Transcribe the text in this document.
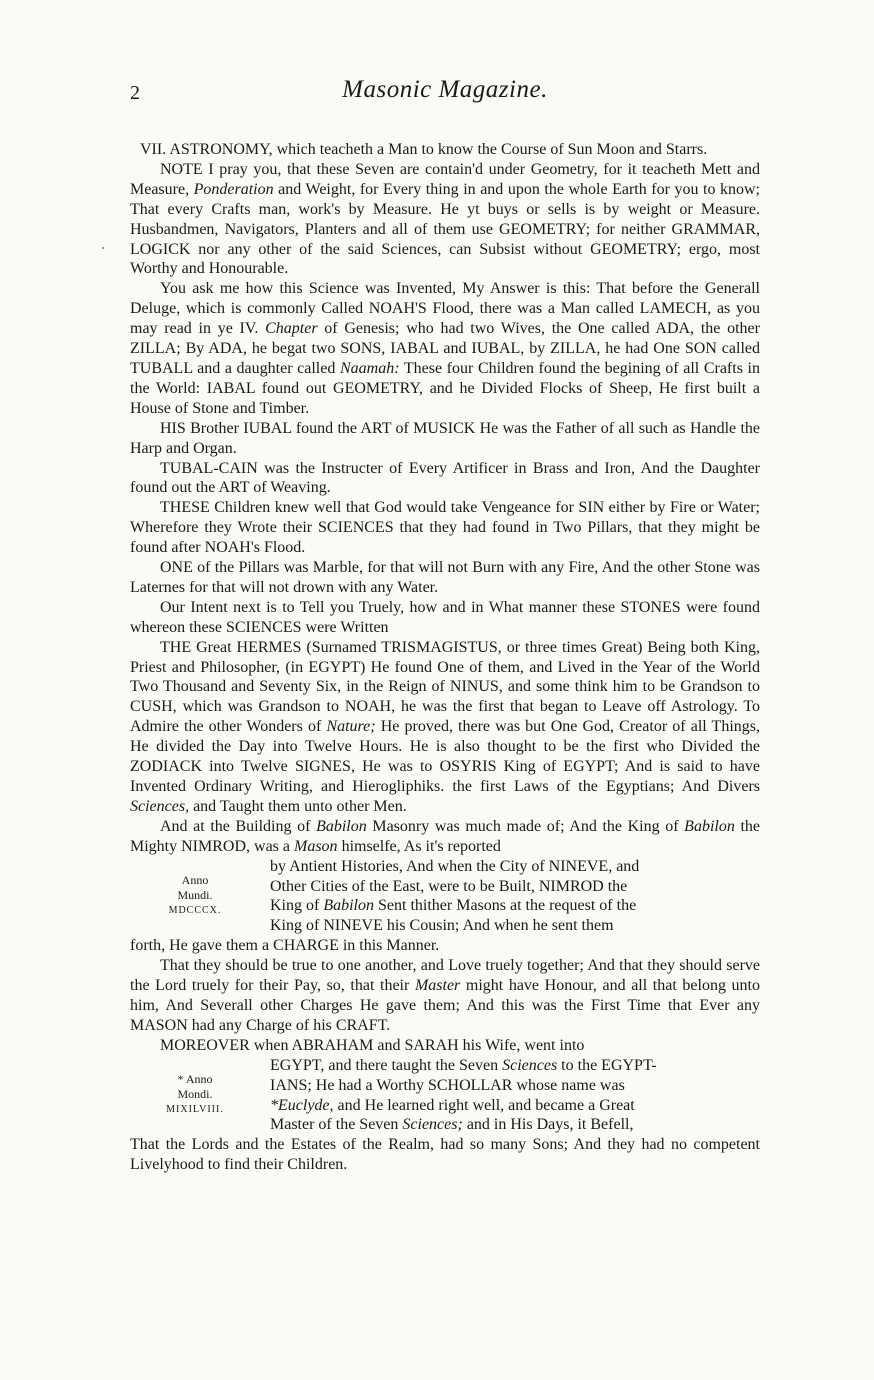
2	Masonic Magazine.

VII. ASTRONOMY, which teacheth a Man to know the Course of Sun Moon and Starrs.

NOTE I pray you, that these Seven are contain'd under Geometry, for it teacheth Mett and Measure, Ponderation and Weight, for Every thing in and upon the whole Earth for you to know; That every Crafts man, work's by Measure. He yt buys or sells is by weight or Measure. Husbandmen, Navigators, Planters and all of them use GEOMETRY; for neither GRAMMAR, LOGICK nor any other of the said Sciences, can Subsist without GEOMETRY; ergo, most Worthy and Honourable.

You ask me how this Science was Invented, My Answer is this: That before the Generall Deluge, which is commonly Called NOAH'S Flood, there was a Man called LAMECH, as you may read in ye IV. Chapter of Genesis; who had two Wives, the One called ADA, the other ZILLA; By ADA, he begat two SONS, IABAL and IUBAL, by ZILLA, he had One SON called TUBALL and a daughter called Naamah: These four Children found the begining of all Crafts in the World: IABAL found out GEOMETRY, and he Divided Flocks of Sheep, He first built a House of Stone and Timber.

HIS Brother IUBAL found the ART of MUSICK He was the Father of all such as Handle the Harp and Organ.

TUBAL-CAIN was the Instructer of Every Artificer in Brass and Iron, And the Daughter found out the ART of Weaving.

THESE Children knew well that God would take Vengeance for SIN either by Fire or Water; Wherefore they Wrote their SCIENCES that they had found in Two Pillars, that they might be found after NOAH's Flood.

ONE of the Pillars was Marble, for that will not Burn with any Fire, And the other Stone was Laternes for that will not drown with any Water.

Our Intent next is to Tell you Truely, how and in What manner these STONES were found whereon these SCIENCES were Written

THE Great HERMES (Surnamed TRISMAGISTUS, or three times Great) Being both King, Priest and Philosopher, (in EGYPT) He found One of them, and Lived in the Year of the World Two Thousand and Seventy Six, in the Reign of NINUS, and some think him to be Grandson to CUSH, which was Grandson to NOAH, he was the first that began to Leave off Astrology. To Admire the other Wonders of Nature; He proved, there was but One God, Creator of all Things, He divided the Day into Twelve Hours. He is also thought to be the first who Divided the ZODIACK into Twelve SIGNES, He was to OSYRIS King of EGYPT; And is said to have Invented Ordinary Writing, and Hierogliphiks. the first Laws of the Egyptians; And Divers Sciences, and Taught them unto other Men.

And at the Building of Babilon Masonry was much made of; And the King of Babilon the Mighty NIMROD, was a Mason himselfe, As it's reported

Anno
Mundi.
MDCCCX.
by Antient Histories, And when the City of NINEVE, and
Other Cities of the East, were to be Built, NIMROD the
King of Babilon Sent thither Masons at the request of the
King of NINEVE his Cousin; And when he sent them

forth, He gave them a CHARGE in this Manner.

That they should be true to one another, and Love truely together; And that they should serve the Lord truely for their Pay, so, that their Master might have Honour, and all that belong unto him, And Severall other Charges He gave them; And this was the First Time that Ever any MASON had any Charge of his CRAFT.

MOREOVER when ABRAHAM and SARAH his Wife, went into

* Anno
Mondi.
MIXILVIII.
EGYPT, and there taught the Seven Sciences to the EGYPT-
IANS; He had a Worthy SCHOLLAR whose name was
*Euclyde, and He learned right well, and became a Great
Master of the Seven Sciences; and in His Days, it Befell,

That the Lords and the Estates of the Realm, had so many Sons; And they had no competent Livelyhood to find their Children.
